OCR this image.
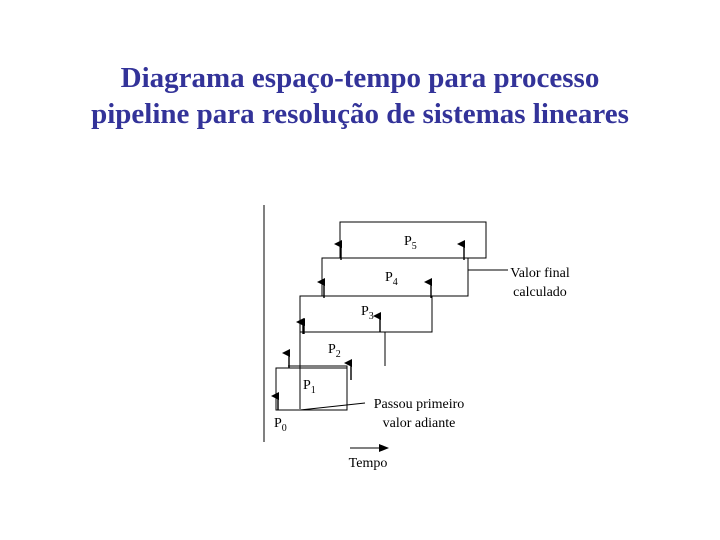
Diagrama espaço-tempo para processo
pipeline para resolução de sistemas lineares
$P_0$
$P_1$
$P_2$
$P_3$
$P_4$
$P_5$
Valor final
calculado
Passou primeiro
valor adiante
Tempo
